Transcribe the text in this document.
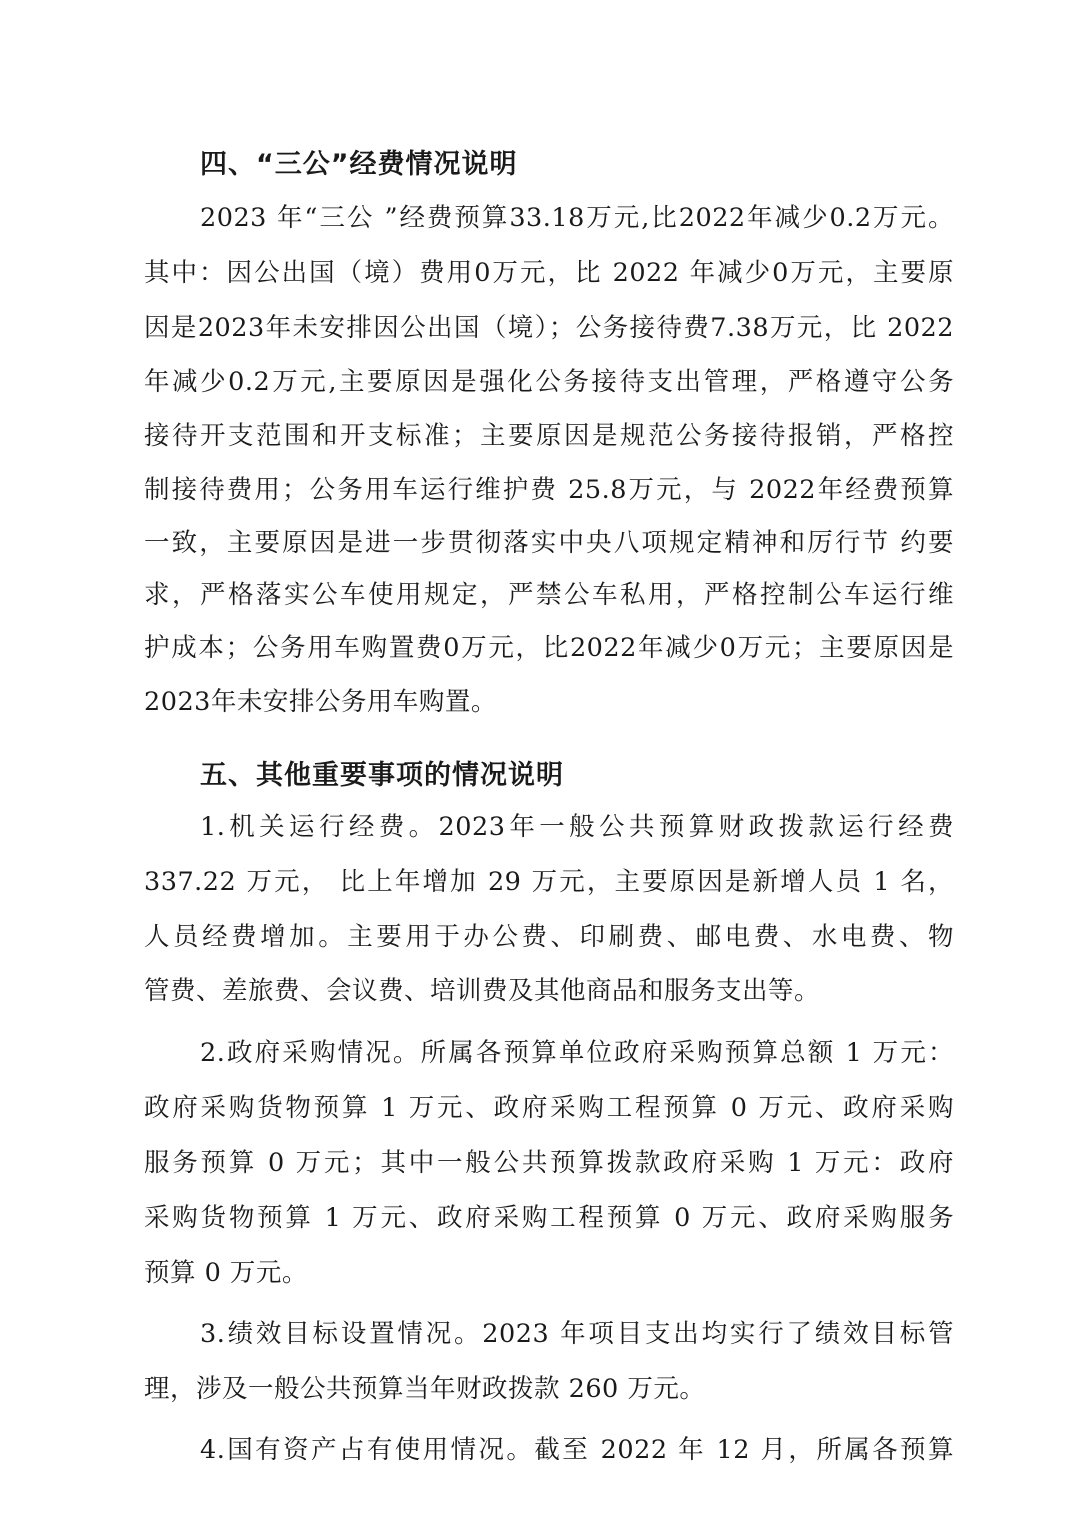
四、“三公”经费情况说明
2023 年“三公 ”经费预算33.18万元,比2022年减少0.2万元。
其中：因公出国（境）费用0万元，比 2022 年减少0万元，主要原
因是2023年未安排因公出国（境）；公务接待费7.38万元，比 2022
年减少0.2万元,主要原因是强化公务接待支出管理，严格遵守公务
接待开支范围和开支标准；主要原因是规范公务接待报销，严格控
制接待费用；公务用车运行维护费 25.8万元，与 2022年经费预算
一致，主要原因是进一步贯彻落实中央八项规定精神和厉行节 约要
求，严格落实公车使用规定，严禁公车私用，严格控制公车运行维
护成本；公务用车购置费0万元，比2022年减少0万元；主要原因是
2023年未安排公务用车购置。
五、其他重要事项的情况说明
1.机关运行经费。2023年一般公共预算财政拨款运行经费
337.22 万元， 比上年增加 29 万元，主要原因是新增人员 1 名，
人员经费增加。主要用于办公费、印刷费、邮电费、水电费、物
管费、差旅费、会议费、培训费及其他商品和服务支出等。
2.政府采购情况。所属各预算单位政府采购预算总额 1 万元：
政府采购货物预算 1 万元、政府采购工程预算 0 万元、政府采购
服务预算 0 万元；其中一般公共预算拨款政府采购 1 万元：政府
采购货物预算 1 万元、政府采购工程预算 0 万元、政府采购服务
预算 0 万元。
3.绩效目标设置情况。2023 年项目支出均实行了绩效目标管
理，涉及一般公共预算当年财政拨款 260 万元。
4.国有资产占有使用情况。截至 2022 年 12 月，所属各预算
